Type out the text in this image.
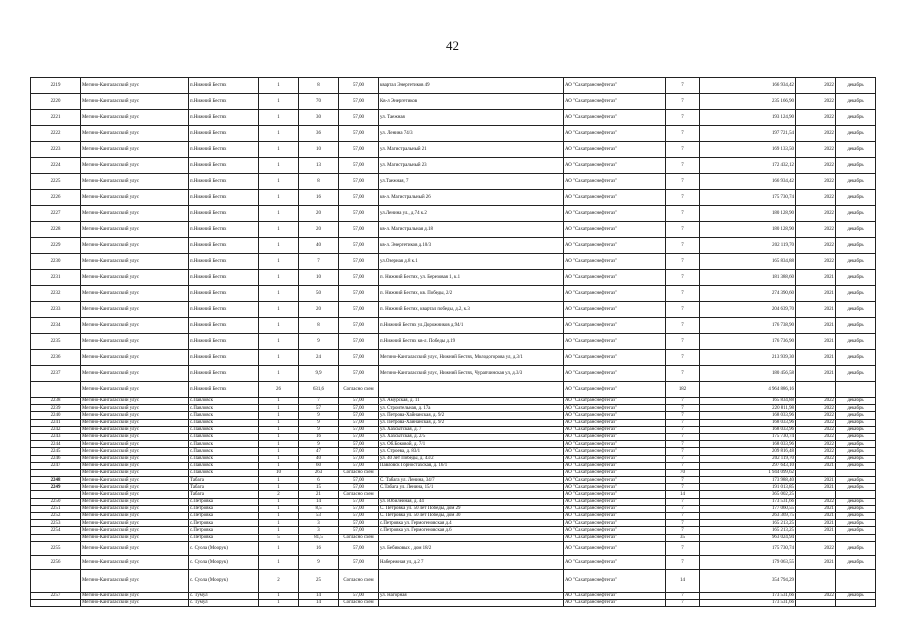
42
2219	Мегино-Кангаласский улус	п.Нижний Бестях	1	8	57,00	квартал Энергетиков 49	АО "Сахатранснефтегаз"	7	166 934,42	2022	декабрь
2220	Мегино-Кангаласский улус	п.Нижний Бестях	1	70	57,00	Кв-л Энергетиков	АО "Сахатранснефтегаз"	7	235 166,90	2022	декабрь
2221	Мегино-Кангаласский улус	п.Нижний Бестях	1	30	57,00	ул. Таежная	АО "Сахатранснефтегаз"	7	193 124,90	2022	декабрь
2222	Мегино-Кангаласский улус	п.Нижний Бестях	1	36	57,00	ул. Ленина 74/3	АО "Сахатранснефтегаз"	7	197 721,54	2022	декабрь
2223	Мегино-Кангаласский улус	п.Нижний Бестях	1	10	57,00	ул. Магистральный 21	АО "Сахатранснефтегаз"	7	169 133,50	2022	декабрь
2224	Мегино-Кангаласский улус	п.Нижний Бестях	1	13	57,00	ул. Магистральный 23	АО "Сахатранснефтегаз"	7	172 432,12	2022	декабрь
2225	Мегино-Кангаласский улус	п.Нижний Бестях	1	8	57,00	ул.Таежная, 7	АО "Сахатранснефтегаз"	7	166 934,42	2022	декабрь
2226	Мегино-Кангаласский улус	п.Нижний Бестях	1	16	57,00	кв-л. Магистральный 26	АО "Сахатранснефтегаз"	7	175 730,74	2022	декабрь
2227	Мегино-Кангаласский улус	п.Нижний Бестях	1	20	57,00	ул.Ленина ул., д.74 к.2	АО "Сахатранснефтегаз"	7	180 128,90	2022	декабрь
2228	Мегино-Кангаласский улус	п.Нижний Бестях	1	20	57,00	кв-л. Магистральная д.18	АО "Сахатранснефтегаз"	7	180 128,90	2022	декабрь
2229	Мегино-Кангаласский улус	п.Нижний Бестях	1	40	57,00	кв-л. Энергетиков д.10/3	АО "Сахатранснефтегаз"	7	202 119,70	2022	декабрь
2230	Мегино-Кангаласский улус	п.Нижний Бестях	1	7	57,00	ул.Озерная д.8 к.1	АО "Сахатранснефтегаз"	7	165 834,88	2022	декабрь
2231	Мегино-Кангаласский улус	п.Нижний Бестях	1	10	57,00	п. Нижний Бестях, ул. Березовая 1, к.1	АО "Сахатранснефтегаз"	7	181 388,60	2021	декабрь
2232	Мегино-Кангаласский улус	п.Нижний Бестях	1	50	57,00	п. Нижний Бестях, кв. Победы, 2/2	АО "Сахатранснефтегаз"	7	274 390,60	2021	декабрь
2233	Мегино-Кангаласский улус	п.Нижний Бестях	1	20	57,00	п. Нижний Бестях, квартал победы, д.2, к.3	АО "Сахатранснефтегаз"	7	204 639,70	2021	декабрь
2234	Мегино-Кангаласский улус	п.Нижний Бестях	1	8	57,00	п.Нижний Бестях ул.Дорожников д.94/1	АО "Сахатранснефтегаз"	7	176 738,90	2021	декабрь
2235	Мегино-Кангаласский улус	п.Нижний Бестях	1	9	57,00	п.Нижний Бестях кв-л. Победы д.19	АО "Сахатранснефтегаз"	7	176 736,90	2021	декабрь
2236	Мегино-Кангаласский улус	п.Нижний Бестях	1	24	57,00	Мегино-Кангаласский улус, Нижний Бестях, Молодогорова ул, д.3/1	АО "Сахатранснефтегаз"	7	213 939,30	2021	декабрь
2237	Мегино-Кангаласский улус	п.Нижний Бестях	1	9,9	57,00	Мегино-Кангаласский улус, Нижний Бестях, Чурапчинская ул, д.3/3	АО "Сахатранснефтегаз"	7	180 456,58	2021	декабрь
	Мегино-Кангаласский улус	п.Нижний Бестях	26	631,6	Согласно схем		АО "Сахатранснефтегаз"	182	4 964 886,16		
2238	Мегино-Кангаласский улус	с.Павловск	1	7	57,00	ул. Амурская, д. 11	АО "Сахатранснефтегаз"	7	165 834,88	2022	декабрь
2239	Мегино-Кангаласский улус	с.Павловск	1	57	57,00	ул. Строительная, д. 17а	АО "Сахатранснефтегаз"	7	220 811,98	2022	декабрь
2240	Мегино-Кангаласский улус	с.Павловск	1	9	57,00	ул. Петрова-Хайнанская, д. 9/2	АО "Сахатранснефтегаз"	7	168 033,96	2022	декабрь
2241	Мегино-Кангаласский улус	с.Павловск	1	9	57,00	ул. Петрова-Хайнанская, д. 9/2	АО "Сахатранснефтегаз"	7	168 033,96	2022	декабрь
2242	Мегино-Кангаласский улус	с.Павловск	1	9	57,00	ул. Хахсытская, д. 7	АО "Сахатранснефтегаз"	7	168 033,96	2022	декабрь
2243	Мегино-Кангаласский улус	с.Павловск	1	16	57,00	ул. Хахсытская, д. 2/5	АО "Сахатранснефтегаз"	7	175 730,74	2022	декабрь
2244	Мегино-Кангаласский улус	с.Павловск	1	9	57,00	ул. Об.Боковой, д. 7/1	АО "Сахатранснефтегаз"	7	168 033,96	2022	декабрь
2245	Мегино-Кангаласский улус	с.Павловск	1	47	57,00	ул. Строева, д. 83/1	АО "Сахатранснефтегаз"	7	209 816,48	2022	декабрь
2246	Мегино-Кангаласский улус	с.Павловск	1	40	57,00	ул. 40 лет Победы, д. 43/2	АО "Сахатранснефтегаз"	7	202 119,70	2022	декабрь
2247	Мегино-Кангаласский улус	с.Павловск	1	60	57,00	Павловск Горностахская, д. 16/1	АО "Сахатранснефтегаз"	7	297 643,10	2021	декабрь
	Мегино-Кангаласский улус	с.Павловск	10	263	Согласно схем		АО "Сахатранснефтегаз"	70	1 944 099,62		
2248	Мегино-Кангаласский улус	Табага	1	6	57,00	С. Табага ул. Ленина, 34/7	АО "Сахатранснефтегаз"	7	173 988,40	2021	декабрь
2249	Мегино-Кангаласский улус	Табага	1	15	57,00	С.Табага ул. Ленина, 15/1	АО "Сахатранснефтегаз"	7	191 013,85	2021	декабрь
	Мегино-Кангаласский улус	Табага	2	21	Согласно схем		АО "Сахатранснефтегаз"	14	365 002,25		
2250	Мегино-Кангаласский улус	с.Петровка	1	14	57,00	ул. Юбилейная, д. 44	АО "Сахатранснефтегаз"	7	173 531,66	2022	декабрь
2251	Мегино-Кангаласский улус	с.Петровка	1	8,5	57,00	С. Петровка ул. 50 лет Победы, дом 29	АО "Сахатранснефтегаз"	7	177 060,55	2021	декабрь
2252	Мегино-Кангаласский улус	с.Петровка	1	53	57,00	С. Петровка ул. 50 лет Победы, дом 30	АО "Сахатранснефтегаз"	7	263 369,75	2021	декабрь
2253	Мегино-Кангаласский улус	с.Петровка	1	3	57,00	с.Петровка ул. Гермогеновская д.4	АО "Сахатранснефтегаз"	7	165 213,25	2021	декабрь
2254	Мегино-Кангаласский улус	с.Петровка	1	3	57,00	с.Петровка ул. Гермогеновская д.6	АО "Сахатранснефтегаз"	7	165 213,25	2021	декабрь
	Мегино-Кангаласский улус	с.Петровка	5	81,5	Согласно схем		АО "Сахатранснефтегаз"	35	963 024,94		
2255	Мегино-Кангаласский улус	с. Суола (Моорук)	1	16	57,00	ул. Бебиковых , дом 18/2	АО "Сахатранснефтегаз"	7	175 730,74	2022	декабрь
2256	Мегино-Кангаласский улус	с. Суола (Моорук)	1	9	57,00	Набережная ул, д.2 7	АО "Сахатранснефтегаз"	7	179 063,55	2021	декабрь
	Мегино-Кангаласский улус	с. Суола (Моорук)	2	25	Согласно схем		АО "Сахатранснефтегаз"	14	354 794,29		
2257	Мегино-Кангаласский улус	с. Тумул	1	14	57,00	ул. Нагорная	АО "Сахатранснефтегаз"	7	173 531,66	2022	декабрь
	Мегино-Кангаласский улус	с. Тумул	1	14	Согласно схем		АО "Сахатранснефтегаз"	7	173 531,66		
